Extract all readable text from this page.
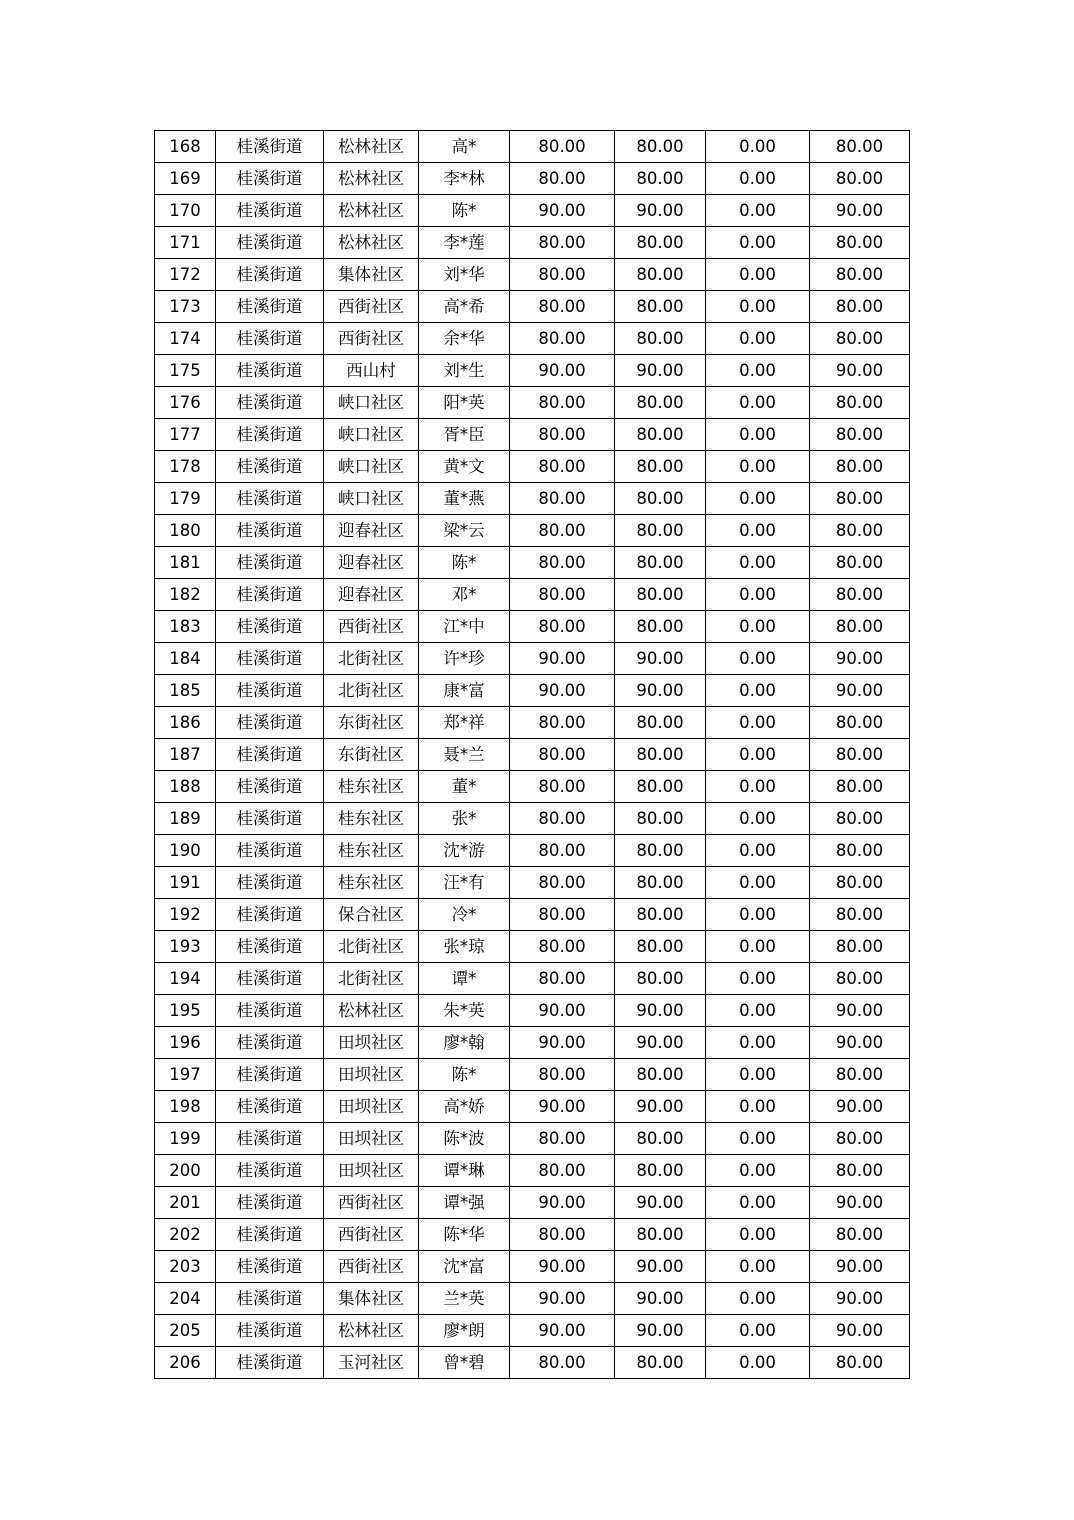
168	桂溪街道	松林社区	高*	80.00	80.00	0.00	80.00
169	桂溪街道	松林社区	李*林	80.00	80.00	0.00	80.00
170	桂溪街道	松林社区	陈*	90.00	90.00	0.00	90.00
171	桂溪街道	松林社区	李*莲	80.00	80.00	0.00	80.00
172	桂溪街道	集体社区	刘*华	80.00	80.00	0.00	80.00
173	桂溪街道	西街社区	高*希	80.00	80.00	0.00	80.00
174	桂溪街道	西街社区	余*华	80.00	80.00	0.00	80.00
175	桂溪街道	西山村	刘*生	90.00	90.00	0.00	90.00
176	桂溪街道	峡口社区	阳*英	80.00	80.00	0.00	80.00
177	桂溪街道	峡口社区	胥*臣	80.00	80.00	0.00	80.00
178	桂溪街道	峡口社区	黄*文	80.00	80.00	0.00	80.00
179	桂溪街道	峡口社区	董*燕	80.00	80.00	0.00	80.00
180	桂溪街道	迎春社区	梁*云	80.00	80.00	0.00	80.00
181	桂溪街道	迎春社区	陈*	80.00	80.00	0.00	80.00
182	桂溪街道	迎春社区	邓*	80.00	80.00	0.00	80.00
183	桂溪街道	西街社区	江*中	80.00	80.00	0.00	80.00
184	桂溪街道	北街社区	许*珍	90.00	90.00	0.00	90.00
185	桂溪街道	北街社区	康*富	90.00	90.00	0.00	90.00
186	桂溪街道	东街社区	郑*祥	80.00	80.00	0.00	80.00
187	桂溪街道	东街社区	聂*兰	80.00	80.00	0.00	80.00
188	桂溪街道	桂东社区	董*	80.00	80.00	0.00	80.00
189	桂溪街道	桂东社区	张*	80.00	80.00	0.00	80.00
190	桂溪街道	桂东社区	沈*游	80.00	80.00	0.00	80.00
191	桂溪街道	桂东社区	汪*有	80.00	80.00	0.00	80.00
192	桂溪街道	保合社区	冷*	80.00	80.00	0.00	80.00
193	桂溪街道	北街社区	张*琼	80.00	80.00	0.00	80.00
194	桂溪街道	北街社区	谭*	80.00	80.00	0.00	80.00
195	桂溪街道	松林社区	朱*英	90.00	90.00	0.00	90.00
196	桂溪街道	田坝社区	廖*翰	90.00	90.00	0.00	90.00
197	桂溪街道	田坝社区	陈*	80.00	80.00	0.00	80.00
198	桂溪街道	田坝社区	高*娇	90.00	90.00	0.00	90.00
199	桂溪街道	田坝社区	陈*波	80.00	80.00	0.00	80.00
200	桂溪街道	田坝社区	谭*琳	80.00	80.00	0.00	80.00
201	桂溪街道	西街社区	谭*强	90.00	90.00	0.00	90.00
202	桂溪街道	西街社区	陈*华	80.00	80.00	0.00	80.00
203	桂溪街道	西街社区	沈*富	90.00	90.00	0.00	90.00
204	桂溪街道	集体社区	兰*英	90.00	90.00	0.00	90.00
205	桂溪街道	松林社区	廖*朗	90.00	90.00	0.00	90.00
206	桂溪街道	玉河社区	曾*碧	80.00	80.00	0.00	80.00
